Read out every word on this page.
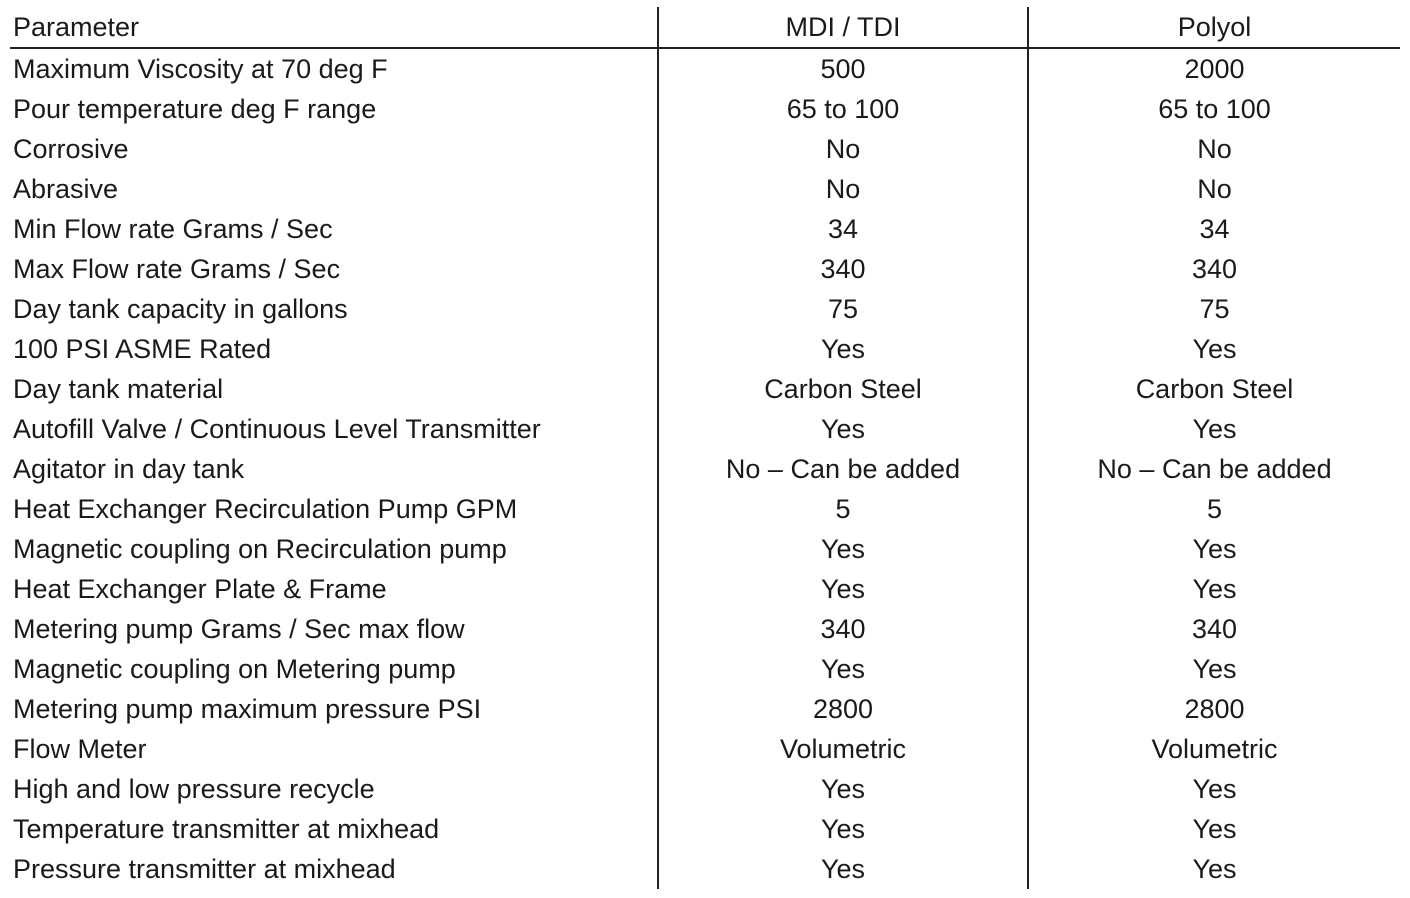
Parameter	MDI / TDI	Polyol
Maximum Viscosity at 70 deg F	500	2000
Pour temperature deg F range	65 to 100	65 to 100
Corrosive	No	No
Abrasive	No	No
Min Flow rate Grams / Sec	34	34
Max Flow rate Grams / Sec	340	340
Day tank capacity in gallons	75	75
100 PSI ASME Rated	Yes	Yes
Day tank material	Carbon Steel	Carbon Steel
Autofill Valve / Continuous Level Transmitter	Yes	Yes
Agitator in day tank	No – Can be added	No – Can be added
Heat Exchanger Recirculation Pump GPM	5	5
Magnetic coupling on Recirculation pump	Yes	Yes
Heat Exchanger Plate & Frame	Yes	Yes
Metering pump Grams / Sec max flow	340	340
Magnetic coupling on Metering pump	Yes	Yes
Metering pump maximum pressure PSI	2800	2800
Flow Meter	Volumetric	Volumetric
High and low pressure recycle	Yes	Yes
Temperature transmitter at mixhead	Yes	Yes
Pressure transmitter at mixhead	Yes	Yes
